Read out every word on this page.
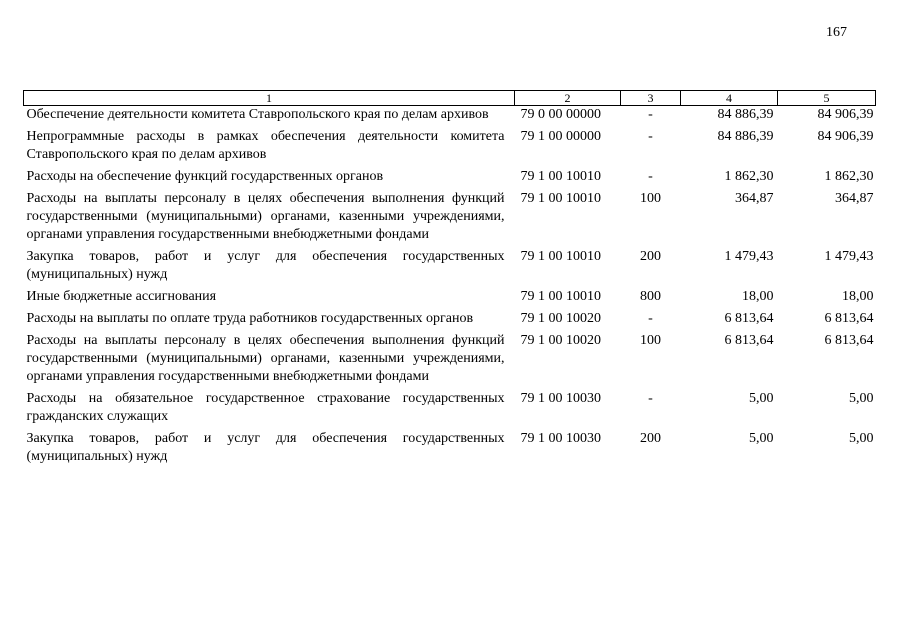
167
1	2	3	4	5
Обеспечение деятельности комитета Ставропольского края по делам архивов	79 0 00 00000	-	84 886,39	84 906,39
Непрограммные расходы в рамках обеспечения деятельности комитета Ставропольского края по делам архивов	79 1 00 00000	-	84 886,39	84 906,39
Расходы на обеспечение функций государственных органов	79 1 00 10010	-	1 862,30	1 862,30
Расходы на выплаты персоналу в целях обеспечения выполнения функций государственными (муниципальными) органами, казенными учреждениями, органами управления государственными внебюджетными фондами	79 1 00 10010	100	364,87	364,87
Закупка товаров, работ и услуг для обеспечения государственных (муниципальных) нужд	79 1 00 10010	200	1 479,43	1 479,43
Иные бюджетные ассигнования	79 1 00 10010	800	18,00	18,00
Расходы на выплаты по оплате труда работников государственных органов	79 1 00 10020	-	6 813,64	6 813,64
Расходы на выплаты персоналу в целях обеспечения выполнения функций государственными (муниципальными) органами, казенными учреждениями, органами управления государственными внебюджетными фондами	79 1 00 10020	100	6 813,64	6 813,64
Расходы на обязательное государственное страхование государственных гражданских служащих	79 1 00 10030	-	5,00	5,00
Закупка товаров, работ и услуг для обеспечения государственных (муниципальных) нужд	79 1 00 10030	200	5,00	5,00
